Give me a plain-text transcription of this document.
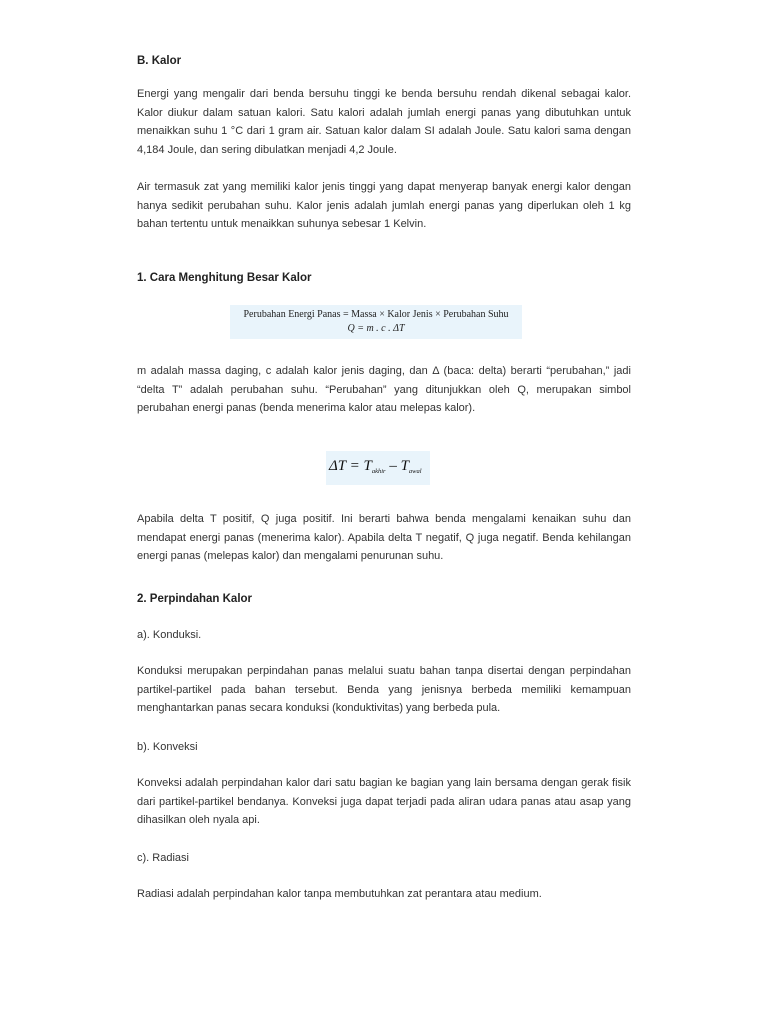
B. Kalor

Energi yang mengalir dari benda bersuhu tinggi ke benda bersuhu rendah dikenal sebagai kalor. Kalor diukur dalam satuan kalori. Satu kalori adalah jumlah energi panas yang dibutuhkan untuk menaikkan suhu 1 °C dari 1 gram air. Satuan kalor dalam SI adalah Joule. Satu kalori sama dengan 4,184 Joule, dan sering dibulatkan menjadi 4,2 Joule.

Air termasuk zat yang memiliki kalor jenis tinggi yang dapat menyerap banyak energi kalor dengan hanya sedikit perubahan suhu. Kalor jenis adalah jumlah energi panas yang diperlukan oleh 1 kg bahan tertentu untuk menaikkan suhunya sebesar 1 Kelvin.

1. Cara Menghitung Besar Kalor
Perubahan Energi Panas = Massa × Kalor Jenis × Perubahan Suhu
Q = m . c . ΔT

m adalah massa daging, c adalah kalor jenis daging, dan Δ (baca: delta) berarti “perubahan,” jadi “delta T” adalah perubahan suhu. “Perubahan” yang ditunjukkan oleh Q, merupakan simbol perubahan energi panas (benda menerima kalor atau melepas kalor).

$\Delta T = T_{akhir} - T_{awal}$

Apabila delta T positif, Q juga positif. Ini berarti bahwa benda mengalami kenaikan suhu dan mendapat energi panas (menerima kalor). Apabila delta T negatif, Q juga negatif. Benda kehilangan energi panas (melepas kalor) dan mengalami penurunan suhu.

2. Perpindahan Kalor

a). Konduksi.

Konduksi merupakan perpindahan panas melalui suatu bahan tanpa disertai dengan perpindahan partikel-partikel pada bahan tersebut. Benda yang jenisnya berbeda memiliki kemampuan menghantarkan panas secara konduksi (konduktivitas) yang berbeda pula.

b). Konveksi

Konveksi adalah perpindahan kalor dari satu bagian ke bagian yang lain bersama dengan gerak fisik dari partikel-partikel bendanya. Konveksi juga dapat terjadi pada aliran udara panas atau asap yang dihasilkan oleh nyala api.

c). Radiasi

Radiasi adalah perpindahan kalor tanpa membutuhkan zat perantara atau medium.
